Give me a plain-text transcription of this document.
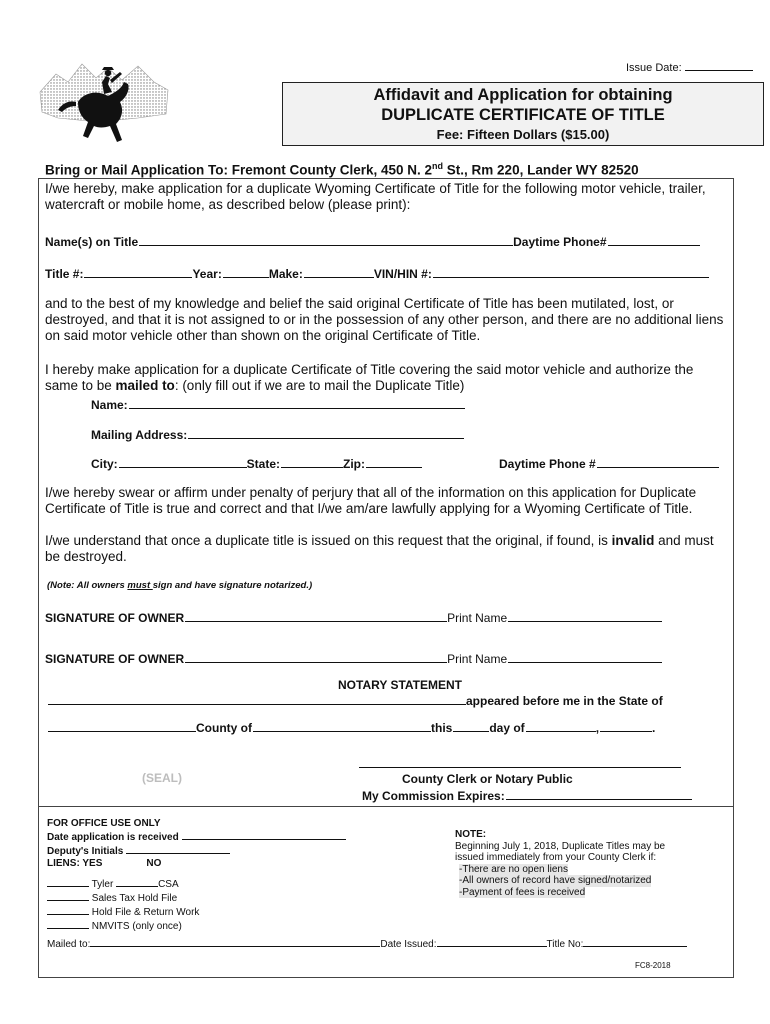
Issue Date:
Affidavit and Application for obtaining
DUPLICATE CERTIFICATE OF TITLE
Fee: Fifteen Dollars ($15.00)
Bring or Mail Application To: Fremont County Clerk, 450 N. 2nd St., Rm 220, Lander WY 82520
I/we hereby, make application for a duplicate Wyoming Certificate of Title for the following motor vehicle, trailer, watercraft or mobile home, as described below (please print):
Name(s) on Title	Daytime Phone#
Title #:	Year:	Make:	VIN/HIN #:
and to the best of my knowledge and belief the said original Certificate of Title has been mutilated, lost, or destroyed, and that it is not assigned to or in the possession of any other person, and there are no additional liens on said motor vehicle other than shown on the original Certificate of Title.
I hereby make application for a duplicate Certificate of Title covering the said motor vehicle and authorize the same to be mailed to: (only fill out if we are to mail the Duplicate Title)
Name:
Mailing Address:
City:	State:	Zip:	Daytime Phone #
I/we hereby swear or affirm under penalty of perjury that all of the information on this application for Duplicate Certificate of Title is true and correct and that I/we am/are lawfully applying for a Wyoming Certificate of Title.
I/we understand that once a duplicate title is issued on this request that the original, if found, is invalid and must be destroyed.
(Note: All owners must sign and have signature notarized.)
SIGNATURE OF OWNER	Print Name
SIGNATURE OF OWNER	Print Name
NOTARY STATEMENT
appeared before me in the State of
County of	this	day of	,	.
(SEAL)	County Clerk or Notary Public
My Commission Expires:
FOR OFFICE USE ONLY
Date application is received
Deputy's Initials
LIENS: YES	NO
Tyler	CSA
Sales Tax Hold File
Hold File & Return Work
NMVITS (only once)
NOTE:
Beginning July 1, 2018, Duplicate Titles may be
issued immediately from your County Clerk if:
-There are no open liens
-All owners of record have signed/notarized
-Payment of fees is received
Mailed to:	Date Issued:	Title No:
FC8-2018
